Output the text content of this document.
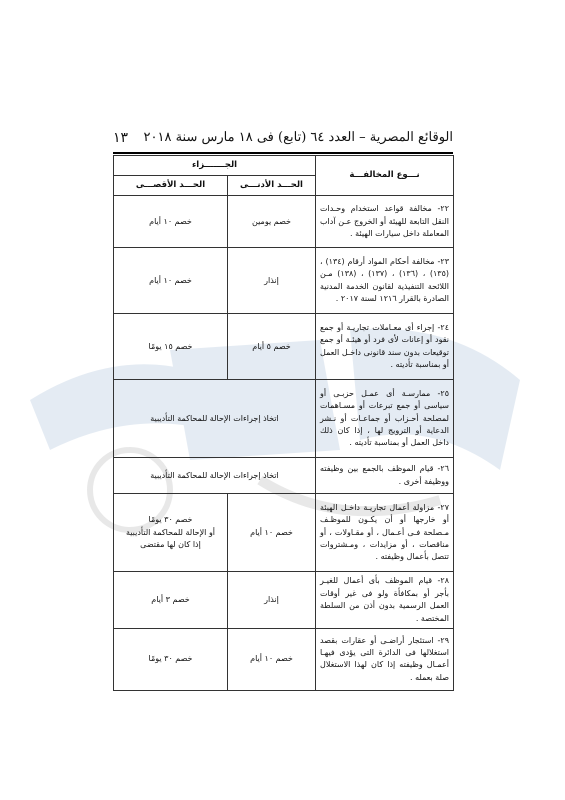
الوقائع المصرية – العدد ٦٤ (تابع) فى ١٨ مارس سنة ٢٠١٨
١٣
نـــوع المخالفـــة	الجـــــــزاء	
	الحـــد الأدنـــى	الحـــد الأقصـــى
٢٢- مخالفة قواعد استخدام وحـدات النقل التابعة للهيئة أو الخروج عـن آداب المعاملة داخل سيارات الهيئة .	خصم يومين	خصم ١٠ أيام
٢٣- مخالفة أحكام المواد أرقام (١٣٤) ، (١٣٥) ، (١٣٦) ، (١٣٧) ، (١٣٨) مـن اللائحة التنفيذية لقانون الخدمة المدنية الصادرة بالقرار ١٢١٦ لسنة ٢٠١٧ .	إنذار	خصم ١٠ أيام
٢٤- إجراء أى معـاملات تجاريـة أو جمع نقود أو إعانات لأى فرد أو هيئـة أو جمع توقيعات بدون سند قانونى داخـل العمل أو بمناسبة تأديته .	خصم ٥ أيام	خصم ١٥ يومًا
٢٥- ممارسـة أى عمـل حزبـى أو سياسى أو جمع تبرعات أو مسـاهمات لمصلحة أحـزاب أو جماعـات أو نـشر الدعاية أو الترويج لها ، إذا كان ذلك داخل العمل أو بمناسبة تأديته .	اتخاذ إجراءات الإحالة للمحاكمة التأديبية	
٢٦- قيام الموظف بالجمع بين وظيفته ووظيفة أخرى .	اتخاذ إجراءات الإحالة للمحاكمة التأديبية	
٢٧- مزاولة أعمال تجاريـة داخـل الهيئة أو خارجها أو أن يكـون للموظـف مـصلحة فـى أعـمال ، أو مقـاولات ، أو مناقصات ، أو مزايدات ، ومـشتروات تتصل بأعمال وظيفته .	خصم ١٠ أيام	خصم ٣٠ يومًا
أو الإحالة للمحاكمة التأديبية
إذا كان لها مقتضى

٢٨- قيام الموظف بأى أعمال للغيـر بأجر أو بمكافأة ولو فى غير أوقات العمل الرسمية بدون أذن من السلطة المختصة .	إنذار	خصم ٣ أيام
٢٩- استئجار أراضـى أو عقارات بقصد استغلالها فى الدائرة التى يؤدى فيهـا أعمـال وظيفته إذا كان لهذا الاستغلال صلة بعمله .	خصم ١٠ أيام	خصم ٣٠ يومًا
